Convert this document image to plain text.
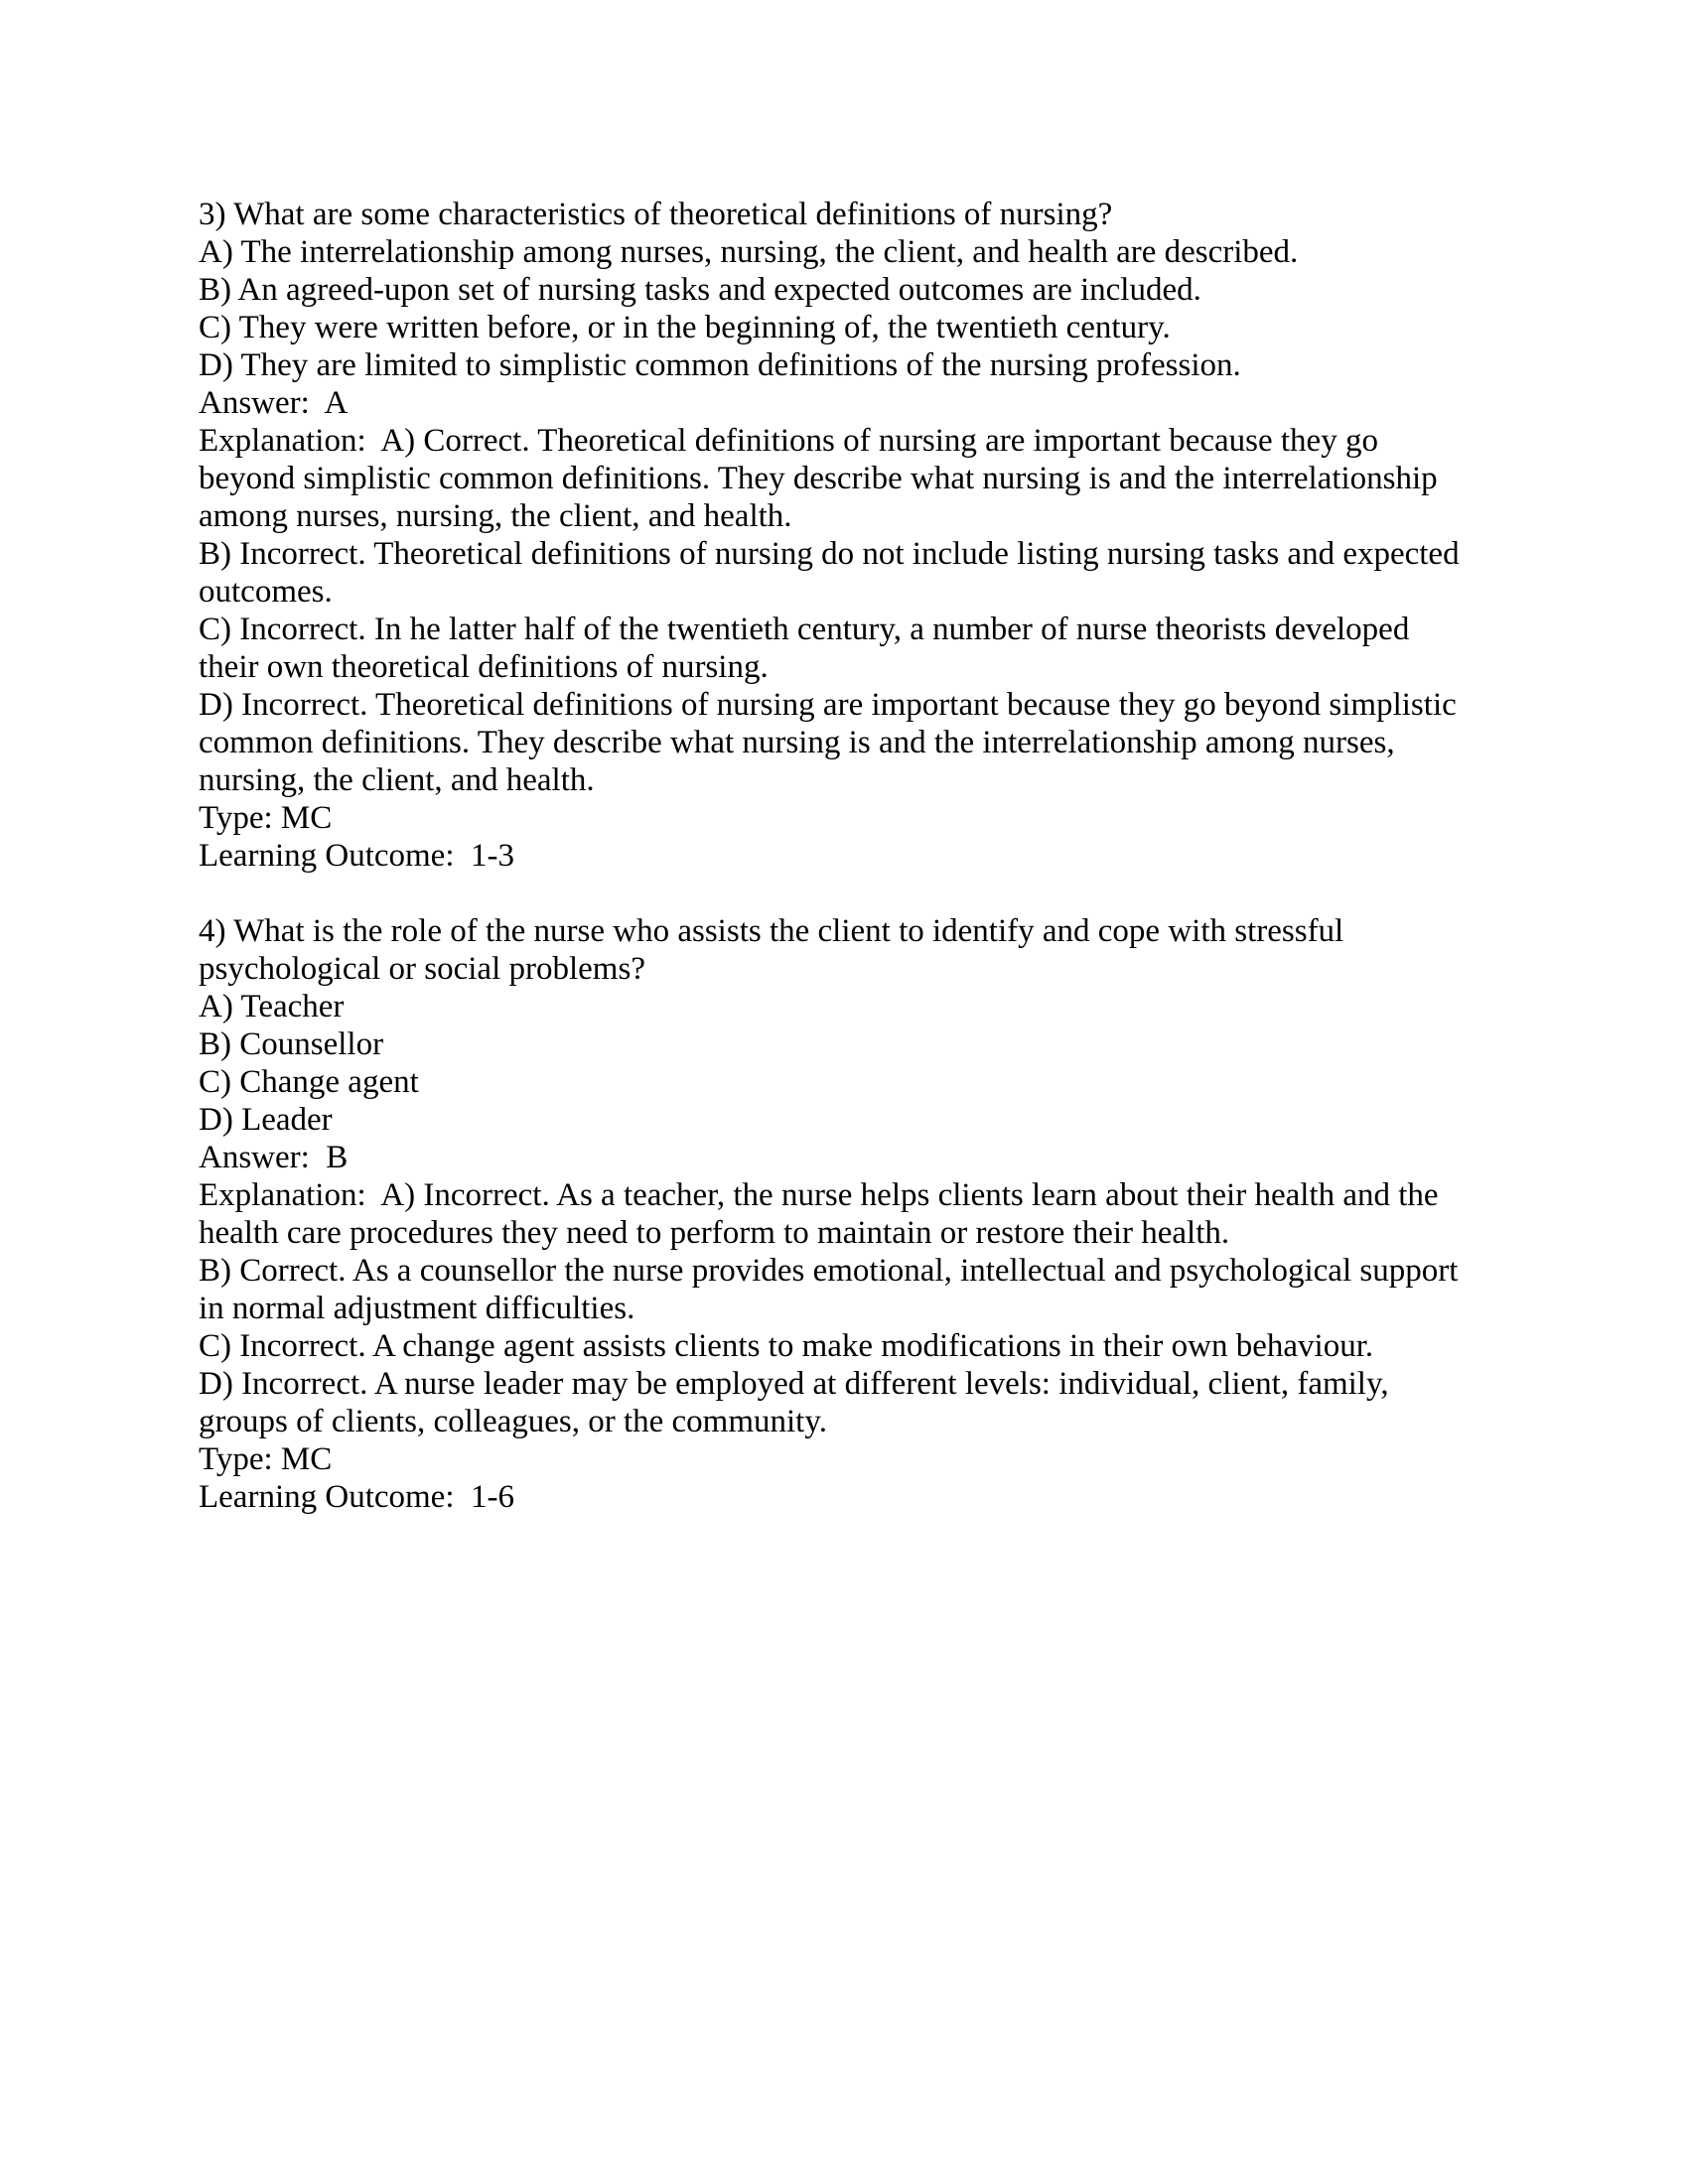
3) What are some characteristics of theoretical definitions of nursing?
A) The interrelationship among nurses, nursing, the client, and health are described.
B) An agreed-upon set of nursing tasks and expected outcomes are included.
C) They were written before, or in the beginning of, the twentieth century.
D) They are limited to simplistic common definitions of the nursing profession.
Answer:  A
Explanation:  A) Correct. Theoretical definitions of nursing are important because they go
beyond simplistic common definitions. They describe what nursing is and the interrelationship
among nurses, nursing, the client, and health.
B) Incorrect. Theoretical definitions of nursing do not include listing nursing tasks and expected
outcomes.
C) Incorrect. In he latter half of the twentieth century, a number of nurse theorists developed
their own theoretical definitions of nursing.
D) Incorrect. Theoretical definitions of nursing are important because they go beyond simplistic
common definitions. They describe what nursing is and the interrelationship among nurses,
nursing, the client, and health.
Type: MC
Learning Outcome:  1-3
4) What is the role of the nurse who assists the client to identify and cope with stressful
psychological or social problems?
A) Teacher
B) Counsellor
C) Change agent
D) Leader
Answer:  B
Explanation:  A) Incorrect. As a teacher, the nurse helps clients learn about their health and the
health care procedures they need to perform to maintain or restore their health.
B) Correct. As a counsellor the nurse provides emotional, intellectual and psychological support
in normal adjustment difficulties.
C) Incorrect. A change agent assists clients to make modifications in their own behaviour.
D) Incorrect. A nurse leader may be employed at different levels: individual, client, family,
groups of clients, colleagues, or the community.
Type: MC
Learning Outcome:  1-6
